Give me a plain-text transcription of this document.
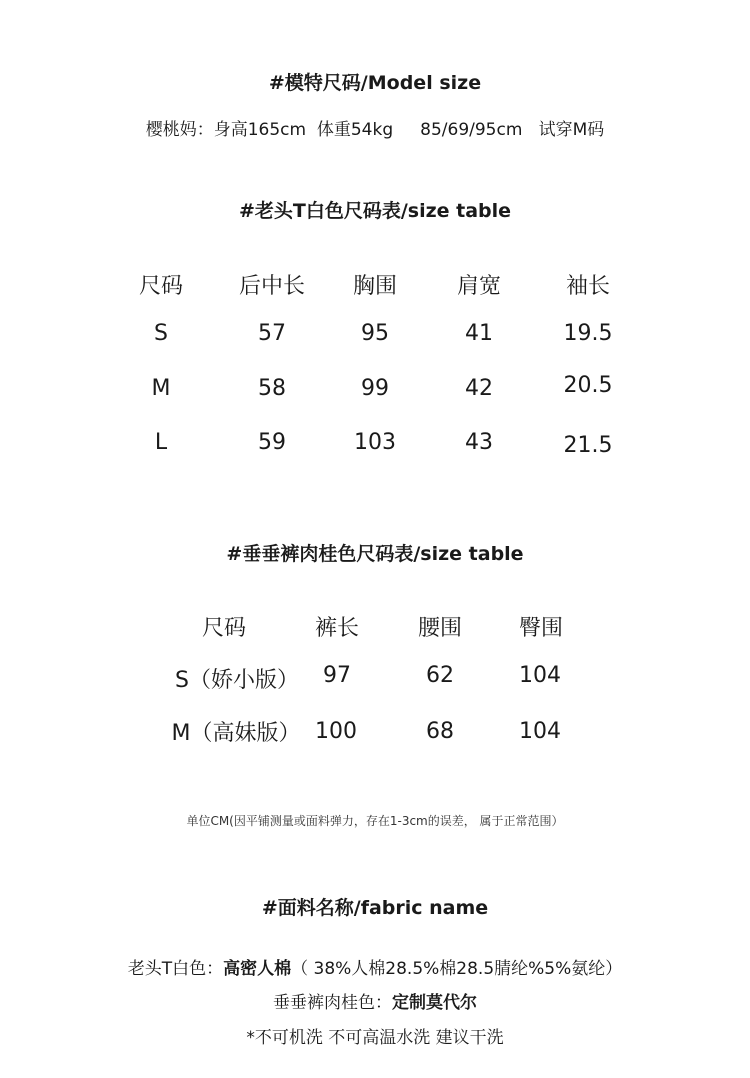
#模特尺码/Model size
樱桃妈：身高165cm  体重54kg     85/69/95cm   试穿M码
#老头T白色尺码表/size table
尺码	后中长 胸围	肩宽	袖长
S	57	95	41	19.5
M	58	99	42	20.5
L	59	103	43	21.5
#垂垂裤肉桂色尺码表/size table
尺码	裤长	腰围	臀围
S（娇小版） 97	62	104
M（高妹版） 100	68	104
单位CM(因平铺测量或面料弹力，存在1-3cm的误差， 属于正常范围）
#面料名称/fabric name
老头T白色：高密人棉（ 38%人棉28.5%棉28.5腈纶%5%氨纶）
垂垂裤肉桂色：定制莫代尔
*不可机洗 不可高温水洗 建议干洗
